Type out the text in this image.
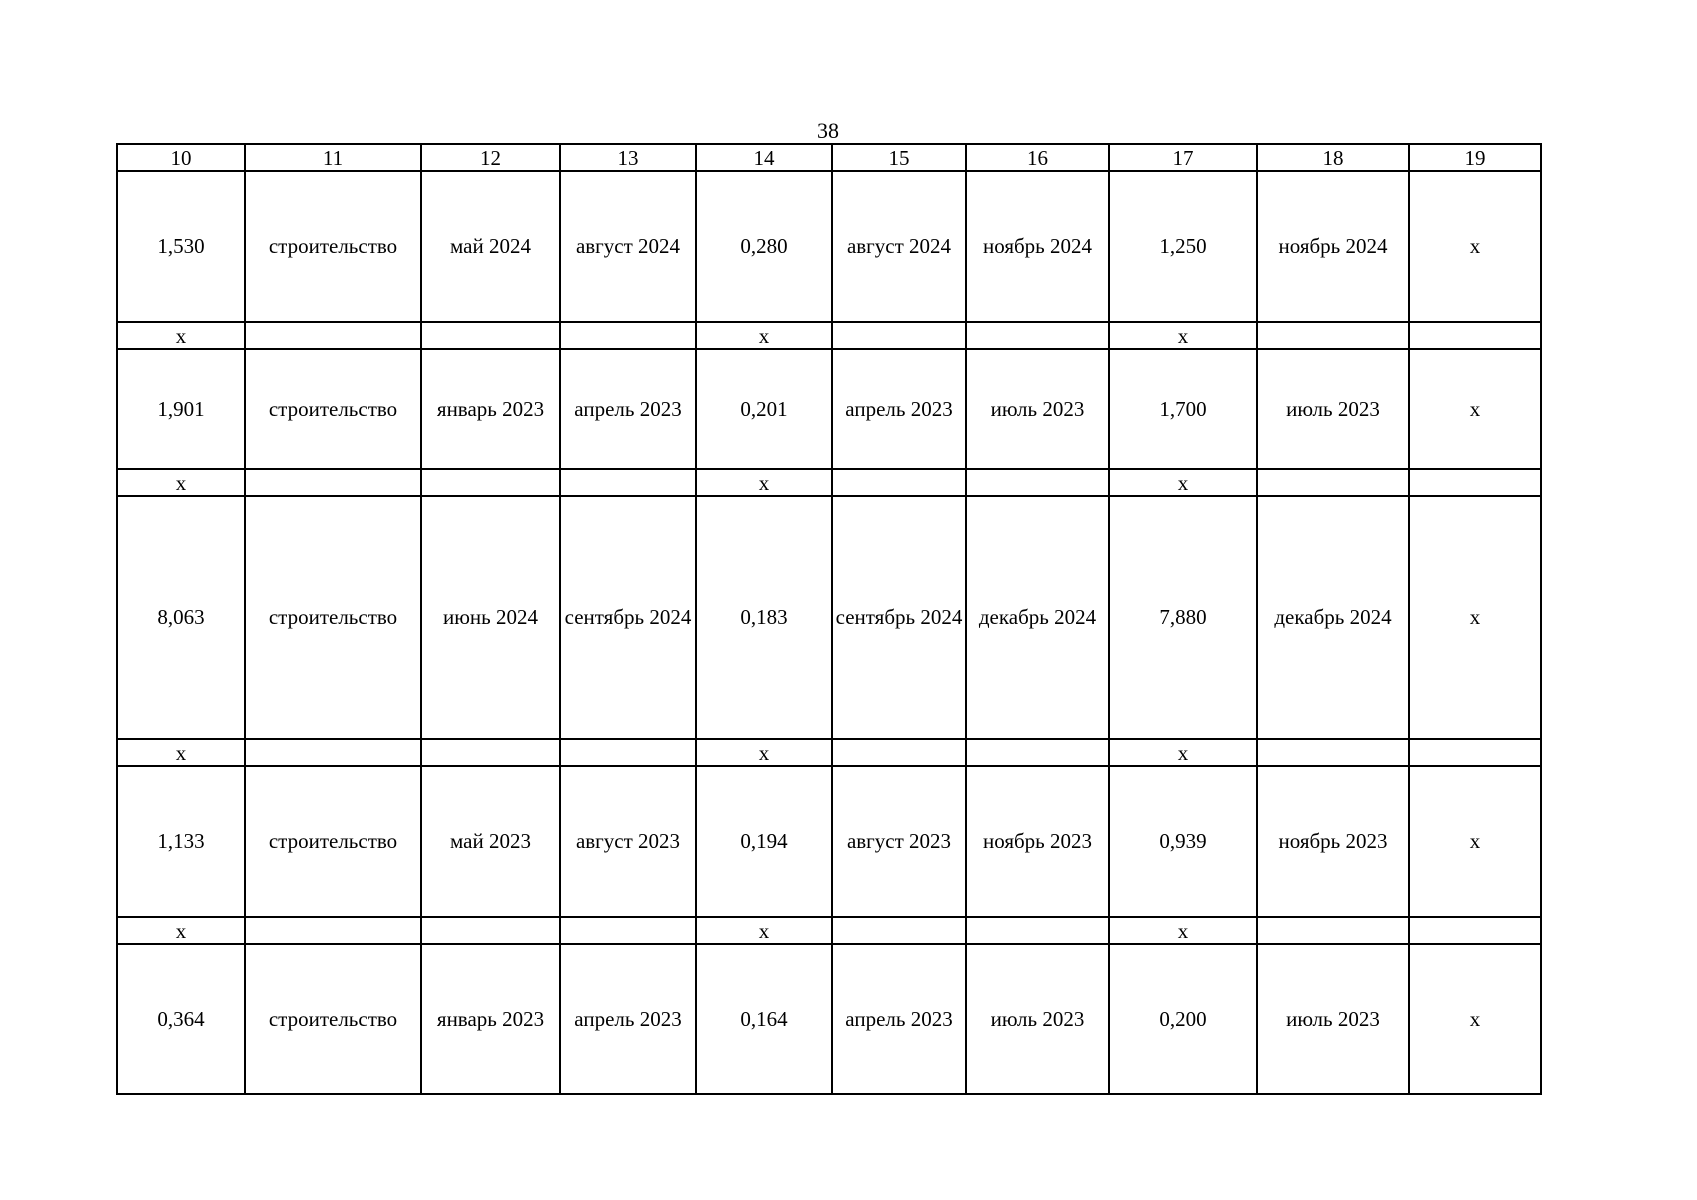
38
10	11	12	13	14	15	16	17	18	19
1,530	строительство	май 2024	август 2024	0,280	август 2024	ноябрь 2024	1,250	ноябрь 2024	x
x				x			x		
1,901	строительство	январь 2023	апрель 2023	0,201	апрель 2023	июль 2023	1,700	июль 2023	x
x				x			x		
8,063	строительство	июнь 2024	сентябрь 2024	0,183	сентябрь 2024	декабрь 2024	7,880	декабрь 2024	x
x				x			x		
1,133	строительство	май 2023	август 2023	0,194	август 2023	ноябрь 2023	0,939	ноябрь 2023	x
x				x			x		
0,364	строительство	январь 2023	апрель 2023	0,164	апрель 2023	июль 2023	0,200	июль 2023	x
